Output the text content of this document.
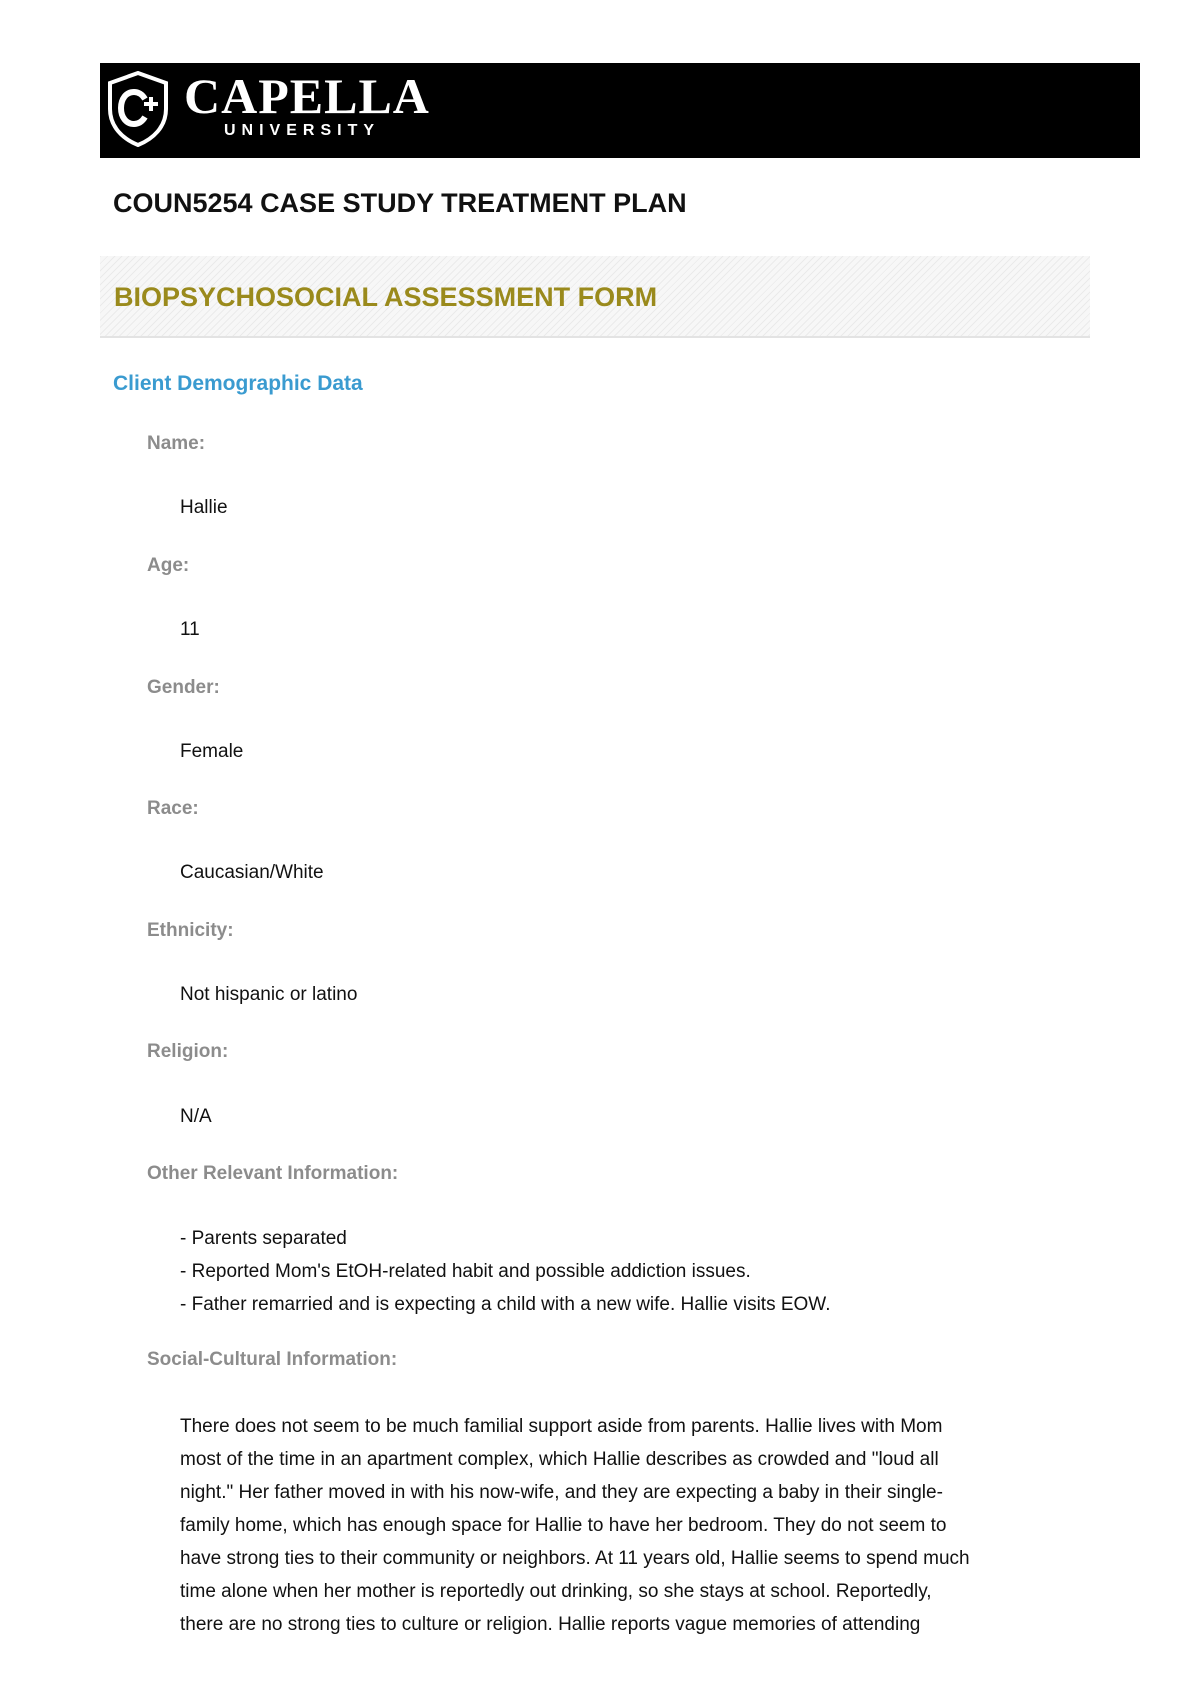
CAPELLA
UNIVERSITY
COUN5254 CASE STUDY TREATMENT PLAN
BIOPSYCHOSOCIAL ASSESSMENT FORM
Client Demographic Data
Name:
Hallie
Age:
11
Gender:
Female
Race:
Caucasian/White
Ethnicity:
Not hispanic or latino
Religion:
N/A
Other Relevant Information:
- Parents separated
- Reported Mom's EtOH-related habit and possible addiction issues.
- Father remarried and is expecting a child with a new wife. Hallie visits EOW.
Social-Cultural Information:
There does not seem to be much familial support aside from parents. Hallie lives with Mom
most of the time in an apartment complex, which Hallie describes as crowded and "loud all
night." Her father moved in with his now-wife, and they are expecting a baby in their single-
family home, which has enough space for Hallie to have her bedroom. They do not seem to
have strong ties to their community or neighbors. At 11 years old, Hallie seems to spend much
time alone when her mother is reportedly out drinking, so she stays at school. Reportedly,
there are no strong ties to culture or religion. Hallie reports vague memories of attending
